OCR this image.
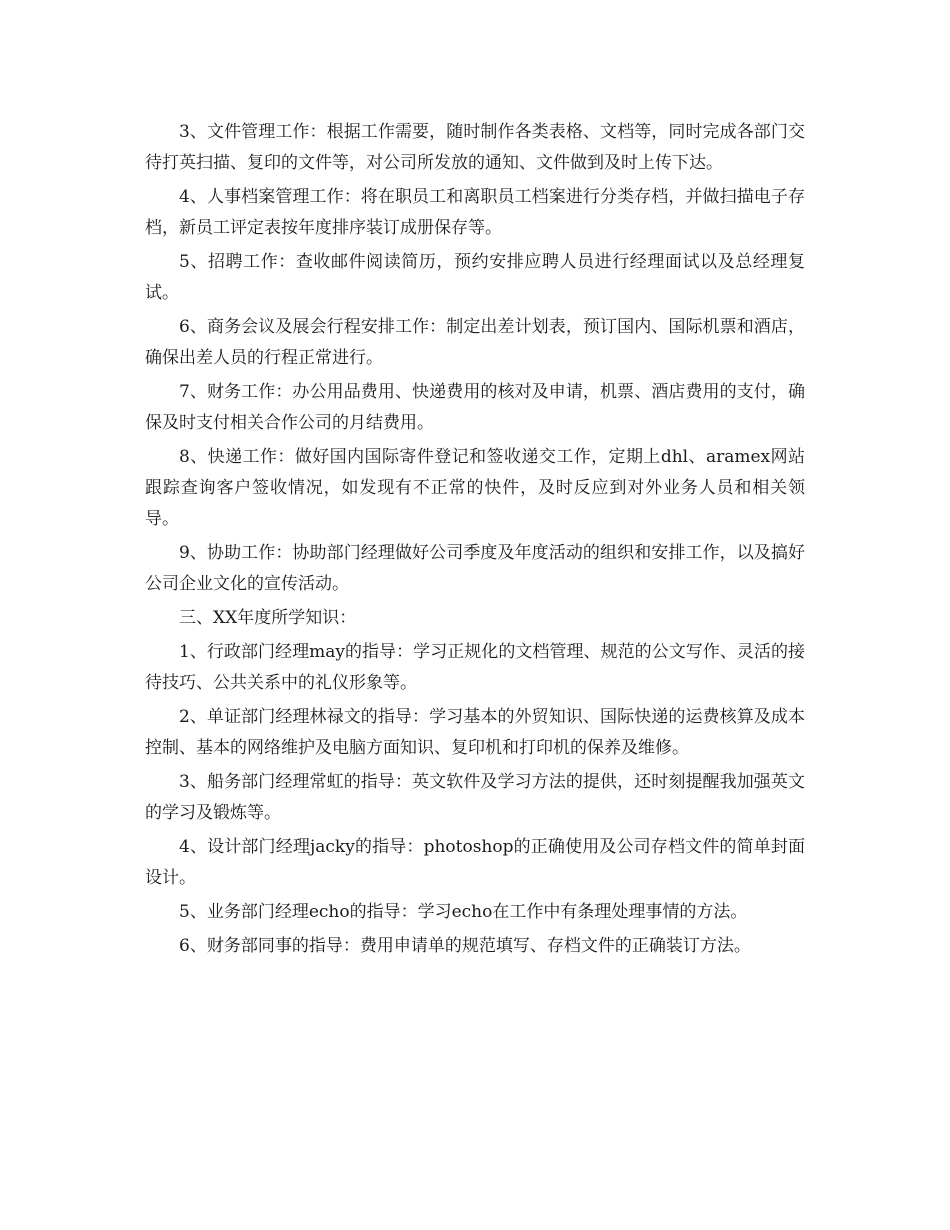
3、文件管理工作：根据工作需要，随时制作各类表格、文档等，同时完成各部门交待打英扫描、复印的文件等，对公司所发放的通知、文件做到及时上传下达。

4、人事档案管理工作：将在职员工和离职员工档案进行分类存档，并做扫描电子存档，新员工评定表按年度排序装订成册保存等。

5、招聘工作：查收邮件阅读简历，预约安排应聘人员进行经理面试以及总经理复试。

6、商务会议及展会行程安排工作：制定出差计划表，预订国内、国际机票和酒店，确保出差人员的行程正常进行。

7、财务工作：办公用品费用、快递费用的核对及申请，机票、酒店费用的支付，确保及时支付相关合作公司的月结费用。

8、快递工作：做好国内国际寄件登记和签收递交工作，定期上dhl、aramex网站跟踪查询客户签收情况，如发现有不正常的快件，及时反应到对外业务人员和相关领导。

9、协助工作：协助部门经理做好公司季度及年度活动的组织和安排工作，以及搞好公司企业文化的宣传活动。

三、XX年度所学知识：

1、行政部门经理may的指导：学习正规化的文档管理、规范的公文写作、灵活的接待技巧、公共关系中的礼仪形象等。

2、单证部门经理林禄文的指导：学习基本的外贸知识、国际快递的运费核算及成本控制、基本的网络维护及电脑方面知识、复印机和打印机的保养及维修。

3、船务部门经理常虹的指导：英文软件及学习方法的提供，还时刻提醒我加强英文的学习及锻炼等。

4、设计部门经理jacky的指导：photoshop的正确使用及公司存档文件的简单封面设计。

5、业务部门经理echo的指导：学习echo在工作中有条理处理事情的方法。

6、财务部同事的指导：费用申请单的规范填写、存档文件的正确装订方法。
